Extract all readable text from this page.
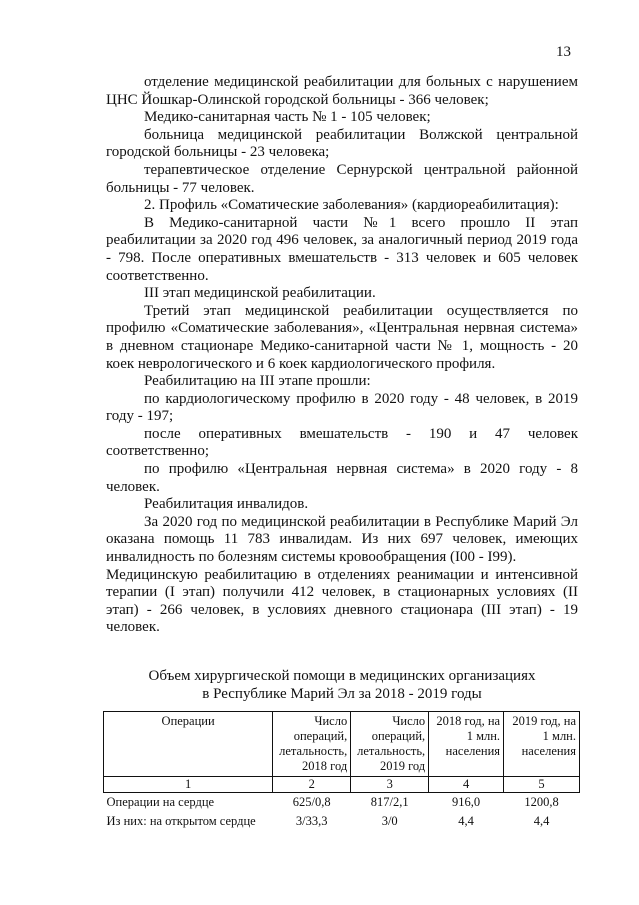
13

отделение медицинской реабилитации для больных с нарушением ЦНС Йошкар-Олинской городской больницы - 366 человек;

Медико-санитарная часть № 1 - 105 человек;

больница медицинской реабилитации Волжской центральной городской больницы - 23 человека;

терапевтическое отделение Сернурской центральной районной больницы - 77 человек.

2. Профиль «Соматические заболевания» (кардиореабилитация):

В Медико-санитарной части №1 всего прошло II этап реабилитации за 2020 год 496 человек, за аналогичный период 2019 года - 798. После оперативных вмешательств - 313 человек и 605 человек соответственно.

III этап медицинской реабилитации.

Третий этап медицинской реабилитации осуществляется по профилю «Соматические заболевания», «Центральная нервная система» в дневном стационаре Медико-санитарной части № 1, мощность - 20 коек неврологического и 6 коек кардиологического профиля.

Реабилитацию на III этапе прошли:

по кардиологическому профилю в 2020 году - 48 человек, в 2019 году - 197;

после оперативных вмешательств - 190 и 47 человек соответственно;

по профилю «Центральная нервная система» в 2020 году - 8 человек.

Реабилитация инвалидов.

За 2020 год по медицинской реабилитации в Республике Марий Эл оказана помощь 11 783 инвалидам. Из них 697 человек, имеющих инвалидность по болезням системы кровообращения (I00 - I99).

Медицинскую реабилитацию в отделениях реанимации и интенсивной терапии (I этап) получили 412 человек, в стационарных условиях (II этап) - 266 человек, в условиях дневного стационара (III этап) - 19 человек.

Объем хирургической помощи в медицинских организациях
в Республике Марий Эл за 2018 - 2019 годы
Операции	Число операций, летальность, 2018 год	Число операций, летальность, 2019 год	2018 год, на 1 млн. населения	2019 год, на 1 млн. населения
1	2	3	4	5
Операции на сердце	625/0,8	817/2,1	916,0	1200,8
Из них: на открытом сердце	3/33,3	3/0	4,4	4,4
